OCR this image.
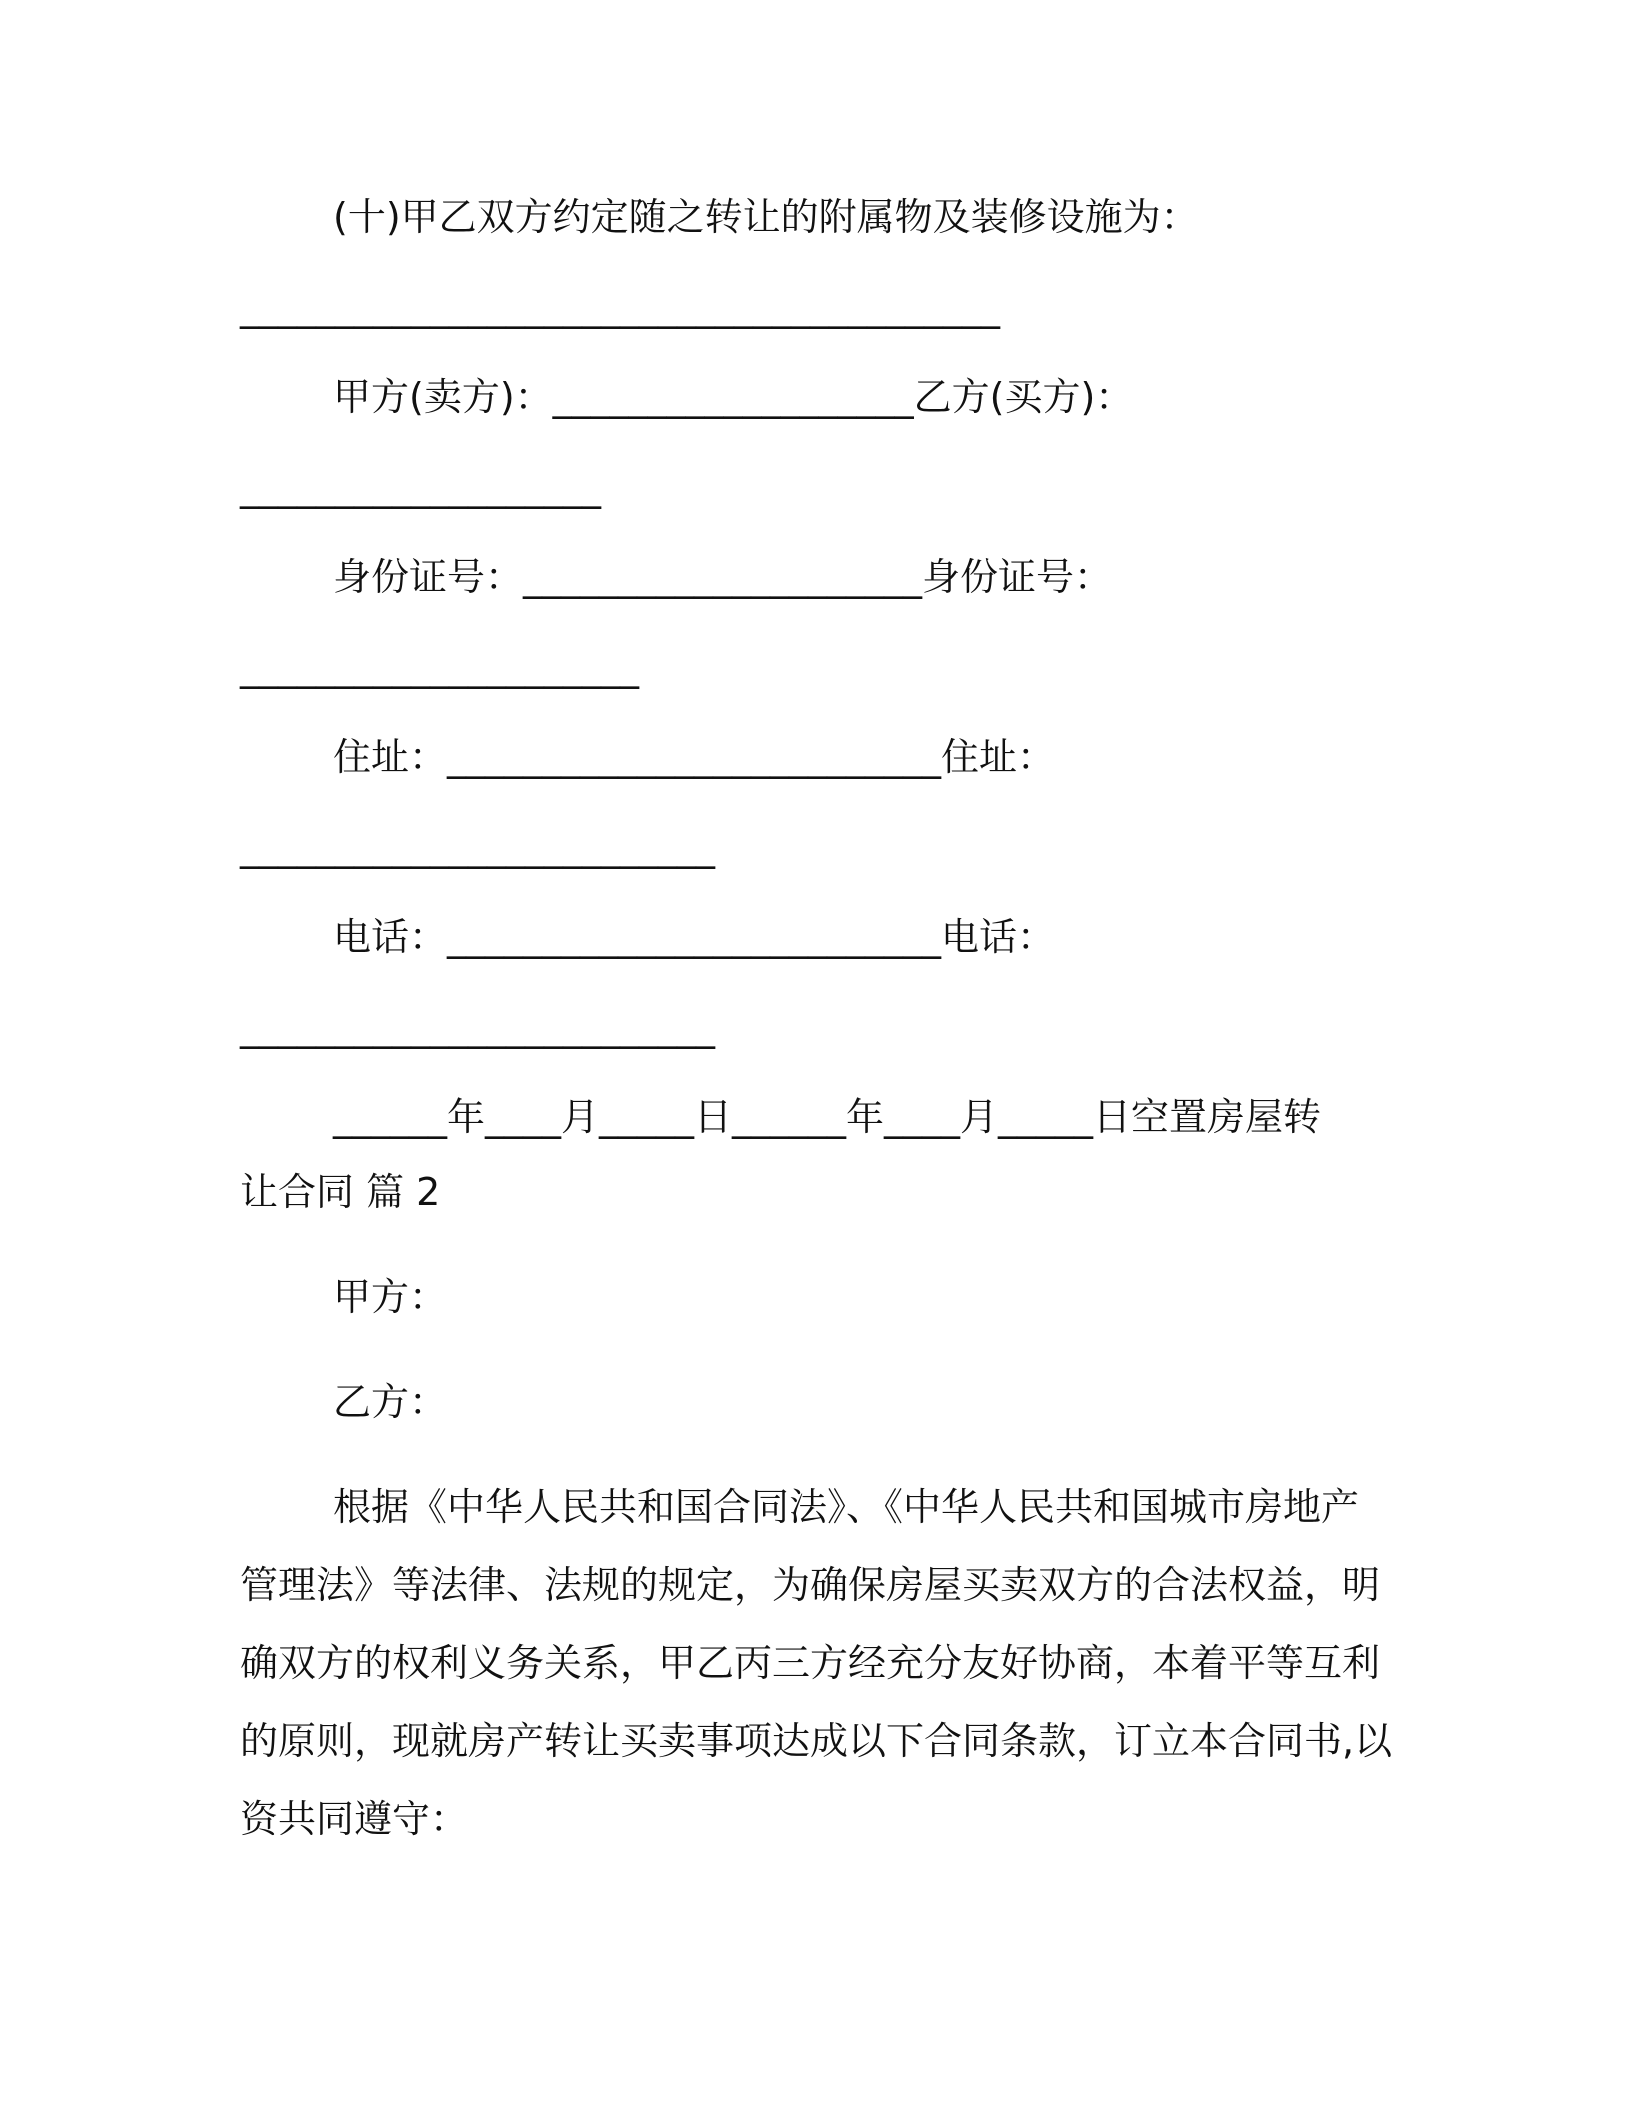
(十)甲乙双方约定随之转让的附属物及装修设施为：
________________________________________
甲方(卖方)：___________________乙方(买方)：
___________________
身份证号：_____________________身份证号：
_____________________
住址：__________________________住址：
_________________________
电话：__________________________电话：
_________________________
______年____月_____日______年____月_____日空置房屋转
让合同 篇 2
甲方：
乙方：
根据《中华人民共和国合同法》、《中华人民共和国城市房地产
管理法》等法律、法规的规定，为确保房屋买卖双方的合法权益，明
确双方的权利义务关系，甲乙丙三方经充分友好协商，本着平等互利
的原则，现就房产转让买卖事项达成以下合同条款，订立本合同书,以
资共同遵守：
